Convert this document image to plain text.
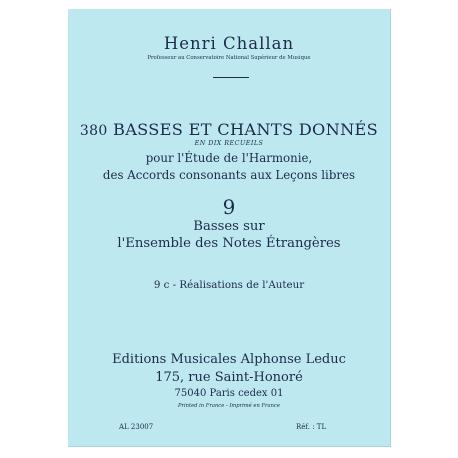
Henri Challan
Professeur au Conservatoire National Supérieur de Musique
380 BASSES ET CHANTS DONNÉS
EN DIX RECUEILS
pour l'Étude de l'Harmonie,
des Accords consonants aux Leçons libres
9
Basses sur
l'Ensemble des Notes Étrangères
9 c - Réalisations de l'Auteur
Editions Musicales Alphonse Leduc
175, rue Saint-Honoré
75040 Paris cedex 01
Printed in France - Imprimé en France
AL 23007	Réf. : TL
